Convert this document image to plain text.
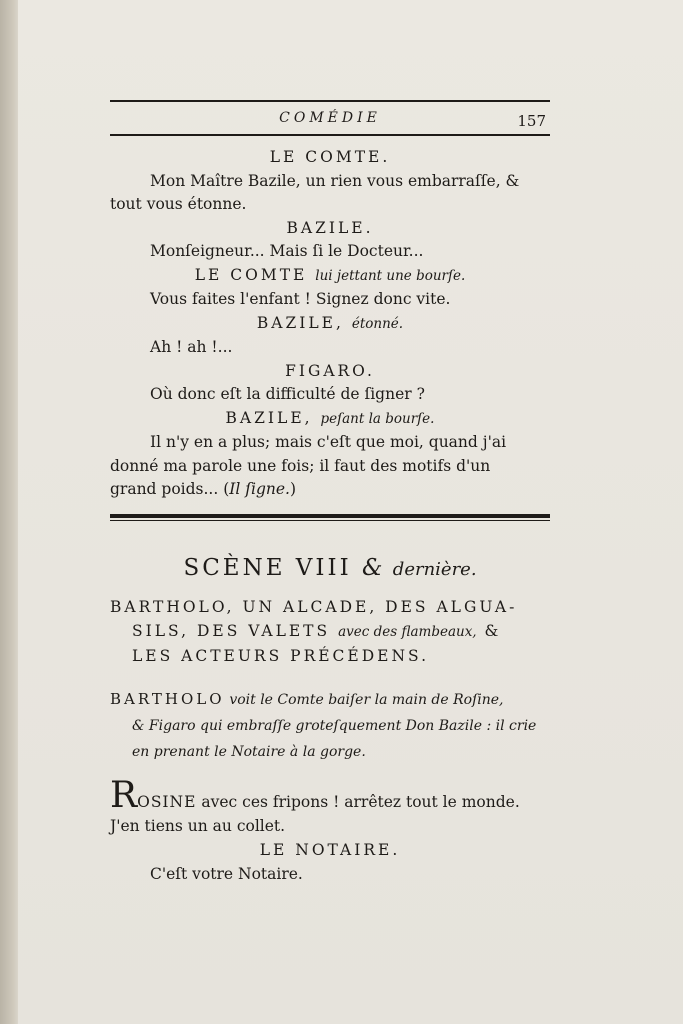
COMÉDIE	157
LE COMTE.
Mon Maître Bazile, un rien vous embarraſſe, &
tout vous étonne.
BAZILE.
Monſeigneur... Mais ſi le Docteur...
LE COMTE lui jettant une bourſe.
Vous faites l'enfant ! Signez donc vite.
BAZILE, étonné.
Ah ! ah !...
FIGARO.
Où donc eſt la difficulté de ſigner ?
BAZILE, peſant la bourſe.
Il n'y en a plus; mais c'eſt que moi, quand j'ai
donné ma parole une fois; il faut des motifs d'un
grand poids... (Il ſigne.)
SCÈNE VIII & dernière.
BARTHOLO, UN ALCADE, DES ALGUA-
SILS, DES VALETS avec des flambeaux, &
LES ACTEURS PRÉCÉDENS.
BARTHOLO voit le Comte baiſer la main de Roſine,
& Figaro qui embraſſe groteſquement Don Bazile : il crie
en prenant le Notaire à la gorge.
ROSINE avec ces fripons ! arrêtez tout le monde.
J'en tiens un au collet.
LE NOTAIRE.
C'eſt votre Notaire.
